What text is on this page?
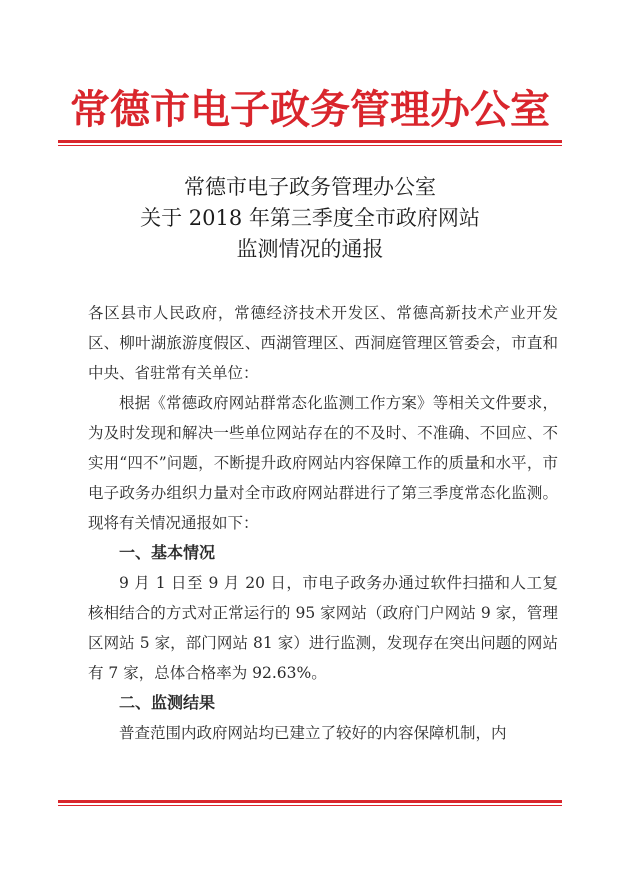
常德市电子政务管理办公室
常德市电子政务管理办公室
关于 2018 年第三季度全市政府网站
监测情况的通报

各区县市人民政府，常德经济技术开发区、常德高新技术产业开发区、柳叶湖旅游度假区、西湖管理区、西洞庭管理区管委会，市直和中央、省驻常有关单位：

根据《常德政府网站群常态化监测工作方案》等相关文件要求，为及时发现和解决一些单位网站存在的不及时、不准确、不回应、不实用“四不”问题，不断提升政府网站内容保障工作的质量和水平，市电子政务办组织力量对全市政府网站群进行了第三季度常态化监测。现将有关情况通报如下：

一、基本情况

9 月 1 日至 9 月 20 日，市电子政务办通过软件扫描和人工复核相结合的方式对正常运行的 95 家网站（政府门户网站 9 家，管理区网站 5 家，部门网站 81 家）进行监测，发现存在突出问题的网站有 7 家，总体合格率为 92.63%。

二、监测结果

普查范围内政府网站均已建立了较好的内容保障机制，内
